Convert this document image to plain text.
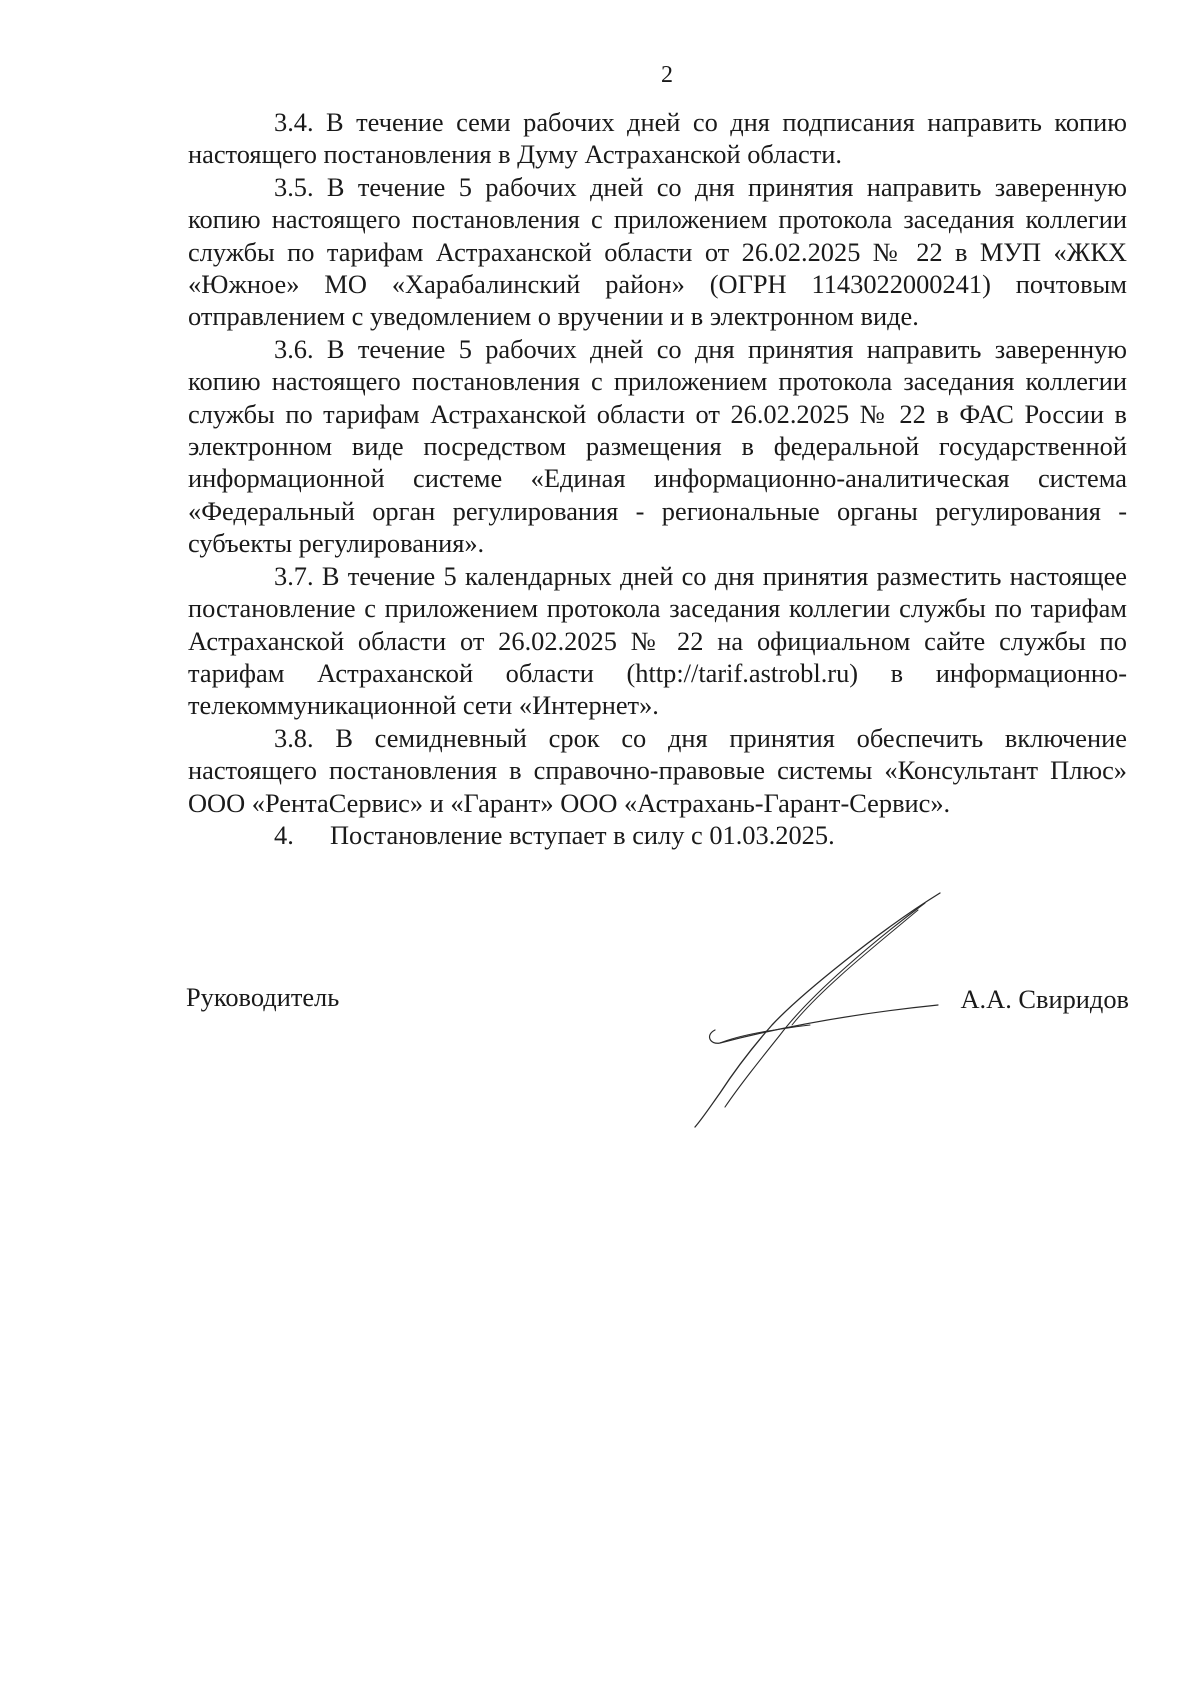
2

3.4. В течение семи рабочих дней со дня подписания направить копию настоящего постановления в Думу Астраханской области.

3.5. В течение 5 рабочих дней со дня принятия направить заверенную копию настоящего постановления с приложением протокола заседания коллегии службы по тарифам Астраханской области от 26.02.2025 № 22 в МУП «ЖКХ «Южное» МО «Харабалинский район» (ОГРН 1143022000241) почтовым отправлением с уведомлением о вручении и в электронном виде.

3.6. В течение 5 рабочих дней со дня принятия направить заверенную копию настоящего постановления с приложением протокола заседания коллегии службы по тарифам Астраханской области от 26.02.2025 № 22 в ФАС России в электронном виде посредством размещения в федеральной государственной информационной системе «Единая информационно-аналитическая система «Федеральный орган регулирования - региональные органы регулирования - субъекты регулирования».

3.7. В течение 5 календарных дней со дня принятия разместить настоящее постановление с приложением протокола заседания коллегии службы по тарифам Астраханской области от 26.02.2025 № 22 на официальном сайте службы по тарифам Астраханской области (http://tarif.astrobl.ru) в информационно-телекоммуникационной сети «Интернет».

3.8. В семидневный срок со дня принятия обеспечить включение настоящего постановления в справочно-правовые системы «Консультант Плюс» ООО «РентаСервис» и «Гарант» ООО «Астрахань-Гарант-Сервис».

4. Постановление вступает в силу с 01.03.2025.

Руководитель	А.А. Свиридов
